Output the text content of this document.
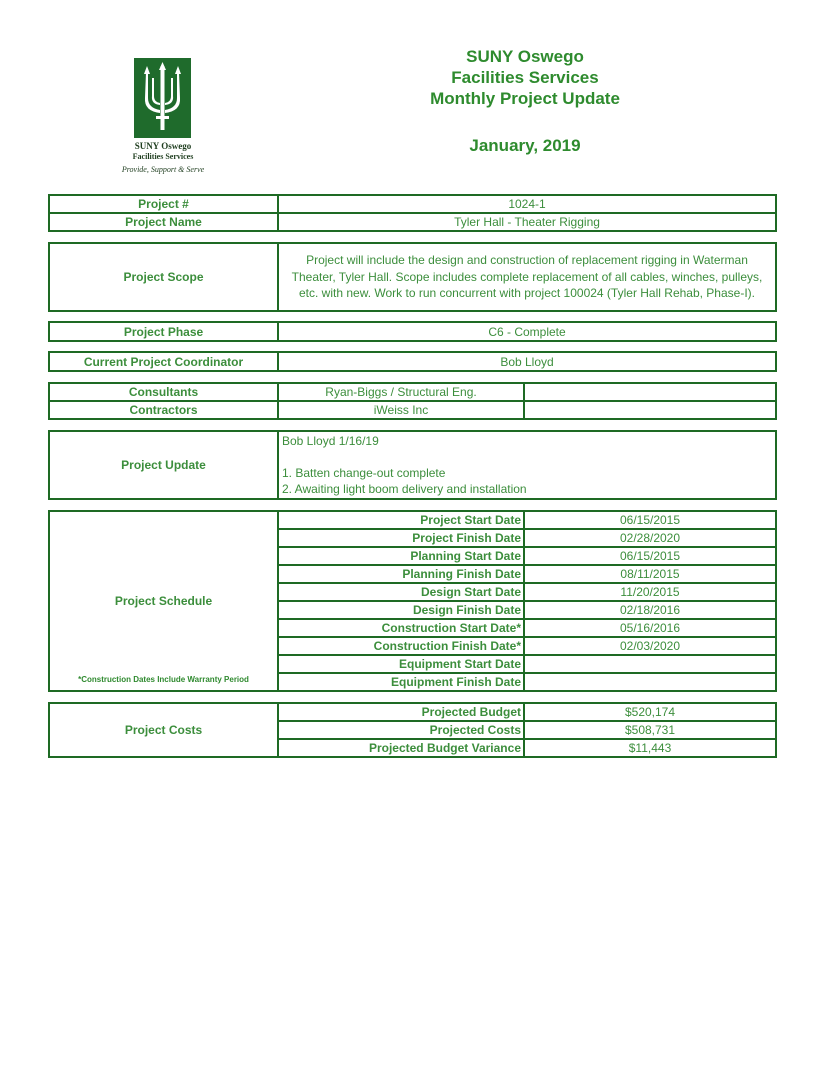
SUNY Oswego
Facilities Services
Provide, Support & Serve
SUNY Oswego
Facilities Services
Monthly Project Update
January, 2019
Project #	1024-1
Project Name	Tyler Hall - Theater Rigging
Project Scope	Project will include the design and construction of replacement rigging in Waterman Theater, Tyler Hall. Scope includes complete replacement of all cables, winches, pulleys, etc. with new. Work to run concurrent with project 100024 (Tyler Hall Rehab, Phase-I).
Project Phase	C6 - Complete
Current Project Coordinator	Bob Lloyd
Consultants	Ryan-Biggs / Structural Eng.	
Contractors	iWeiss Inc	
Project Update	
Bob Lloyd 1/16/19
1. Batten change-out complete
2. Awaiting light boom delivery and installation
Project Schedule
*Construction Dates Include Warranty Period	Project Start Date	06/15/2015
	Project Finish Date	02/28/2020
	Planning Start Date	06/15/2015
	Planning Finish Date	08/11/2015
	Design Start Date	11/20/2015
	Design Finish Date	02/18/2016
	Construction Start Date*	05/16/2016
	Construction Finish Date*	02/03/2020
	Equipment Start Date	
	Equipment Finish Date	
Project Costs	Projected Budget	$520,174
	Projected Costs	$508,731
	Projected Budget Variance	$11,443
